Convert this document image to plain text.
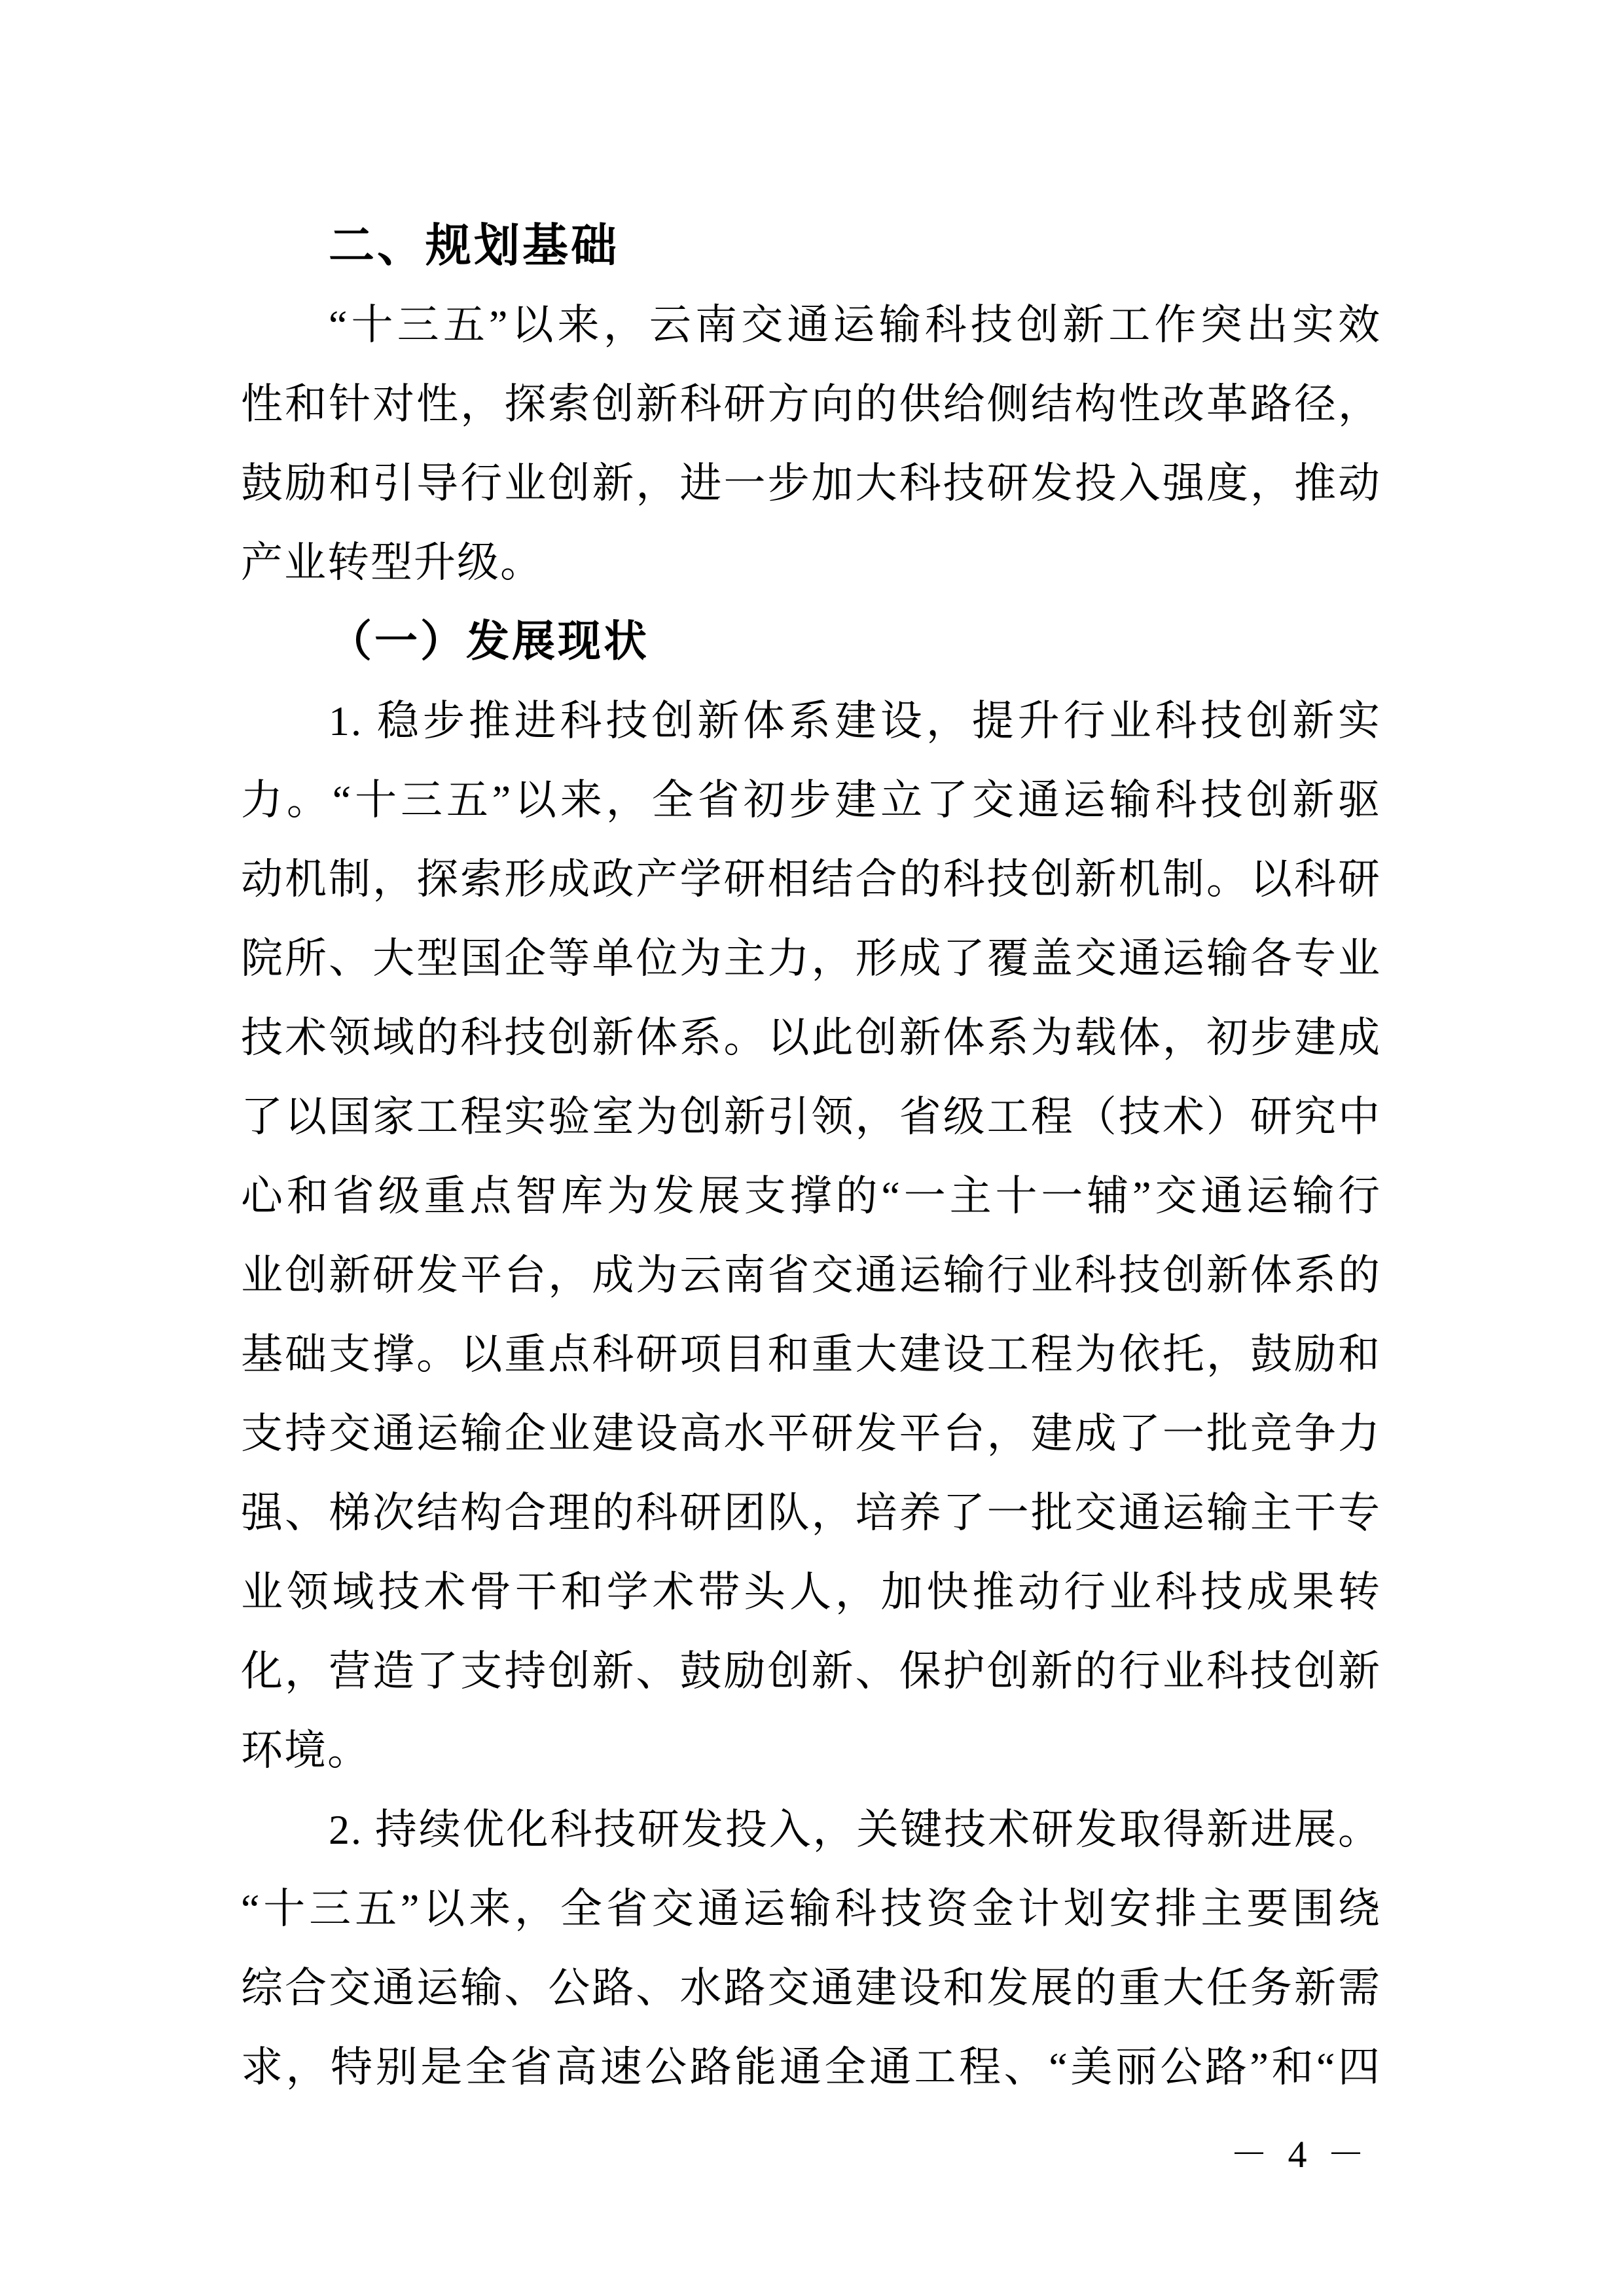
二、规划基础
“十三五”以来，云南交通运输科技创新工作突出实效
性和针对性，探索创新科研方向的供给侧结构性改革路径，
鼓励和引导行业创新，进一步加大科技研发投入强度，推动
产业转型升级。
（一）发展现状
1. 稳步推进科技创新体系建设，提升行业科技创新实
力。“十三五”以来，全省初步建立了交通运输科技创新驱
动机制，探索形成政产学研相结合的科技创新机制。以科研
院所、大型国企等单位为主力，形成了覆盖交通运输各专业
技术领域的科技创新体系。以此创新体系为载体，初步建成
了以国家工程实验室为创新引领，省级工程（技术）研究中
心和省级重点智库为发展支撑的“一主十一辅”交通运输行
业创新研发平台，成为云南省交通运输行业科技创新体系的
基础支撑。以重点科研项目和重大建设工程为依托，鼓励和
支持交通运输企业建设高水平研发平台，建成了一批竞争力
强、梯次结构合理的科研团队，培养了一批交通运输主干专
业领域技术骨干和学术带头人，加快推动行业科技成果转
化，营造了支持创新、鼓励创新、保护创新的行业科技创新
环境。
2. 持续优化科技研发投入，关键技术研发取得新进展。
“十三五”以来，全省交通运输科技资金计划安排主要围绕
综合交通运输、公路、水路交通建设和发展的重大任务新需
求，特别是全省高速公路能通全通工程、“美丽公路”和“四
－ 4 －
